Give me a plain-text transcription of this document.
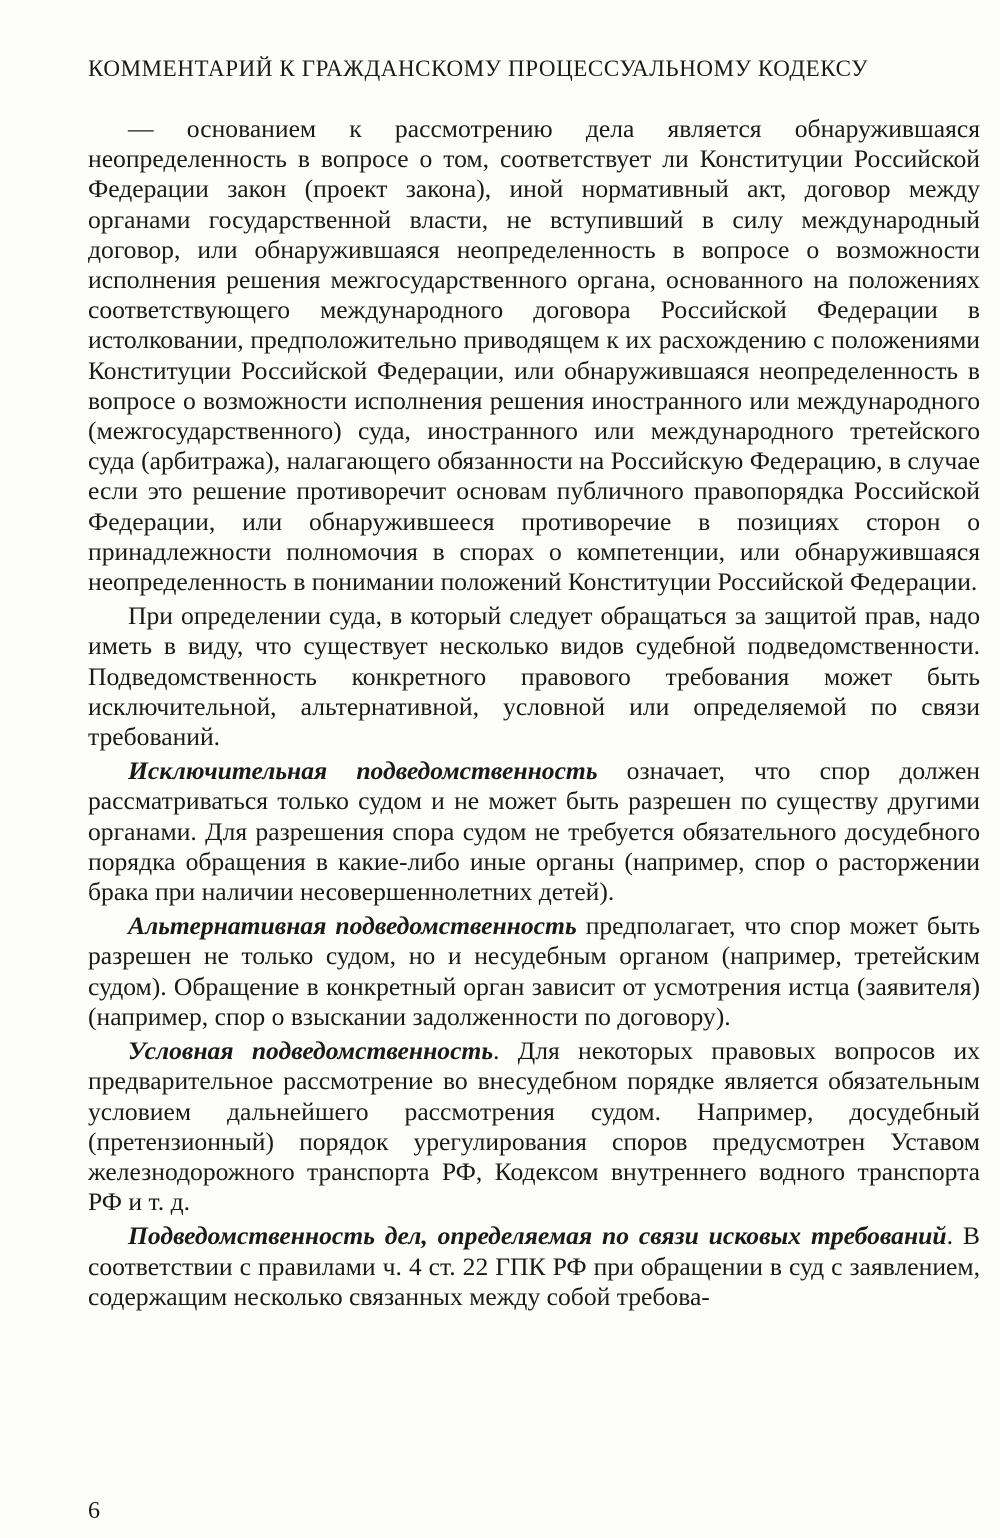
КОММЕНТАРИЙ К ГРАЖДАНСКОМУ ПРОЦЕССУАЛЬНОМУ КОДЕКСУ

— основанием к рассмотрению дела является обнаружившаяся неопределенность в вопросе о том, соответствует ли Конституции Российской Федерации закон (проект закона), иной нормативный акт, договор между органами государственной власти, не вступивший в силу международный договор, или обнаружившаяся неопределенность в вопросе о возможности исполнения решения межгосударственного органа, основанного на положениях соответствующего международного договора Российской Федерации в истолковании, предположительно приводящем к их расхождению с положениями Конституции Российской Федерации, или обнаружившаяся неопределенность в вопросе о возможности исполнения решения иностранного или международного (межгосударственного) суда, иностранного или международного третейского суда (арбитража), налагающего обязанности на Российскую Федерацию, в случае если это решение противоречит основам публичного правопорядка Российской Федерации, или обнаружившееся противоречие в позициях сторон о принадлежности полномочия в спорах о компетенции, или обнаружившаяся неопределенность в понимании положений Конституции Российской Федерации.

При определении суда, в который следует обращаться за защитой прав, надо иметь в виду, что существует несколько видов судебной подведомственности. Подведомственность конкретного правового требования может быть исключительной, альтернативной, условной или определяемой по связи требований.

Исключительная подведомственность означает, что спор должен рассматриваться только судом и не может быть разрешен по существу другими органами. Для разрешения спора судом не требуется обязательного досудебного порядка обращения в какие-либо иные органы (например, спор о расторжении брака при наличии несовершеннолетних детей).

Альтернативная подведомственность предполагает, что спор может быть разрешен не только судом, но и несудебным органом (например, третейским судом). Обращение в конкретный орган зависит от усмотрения истца (заявителя) (например, спор о взыскании задолженности по договору).

Условная подведомственность. Для некоторых правовых вопросов их предварительное рассмотрение во внесудебном порядке является обязательным условием дальнейшего рассмотрения судом. Например, досудебный (претензионный) порядок урегулирования споров предусмотрен Уставом железнодорожного транспорта РФ, Кодексом внутреннего водного транспорта РФ и т. д.

Подведомственность дел, определяемая по связи исковых требований. В соответствии с правилами ч. 4 ст. 22 ГПК РФ при обращении в суд с заявлением, содержащим несколько связанных между собой требова-

6
